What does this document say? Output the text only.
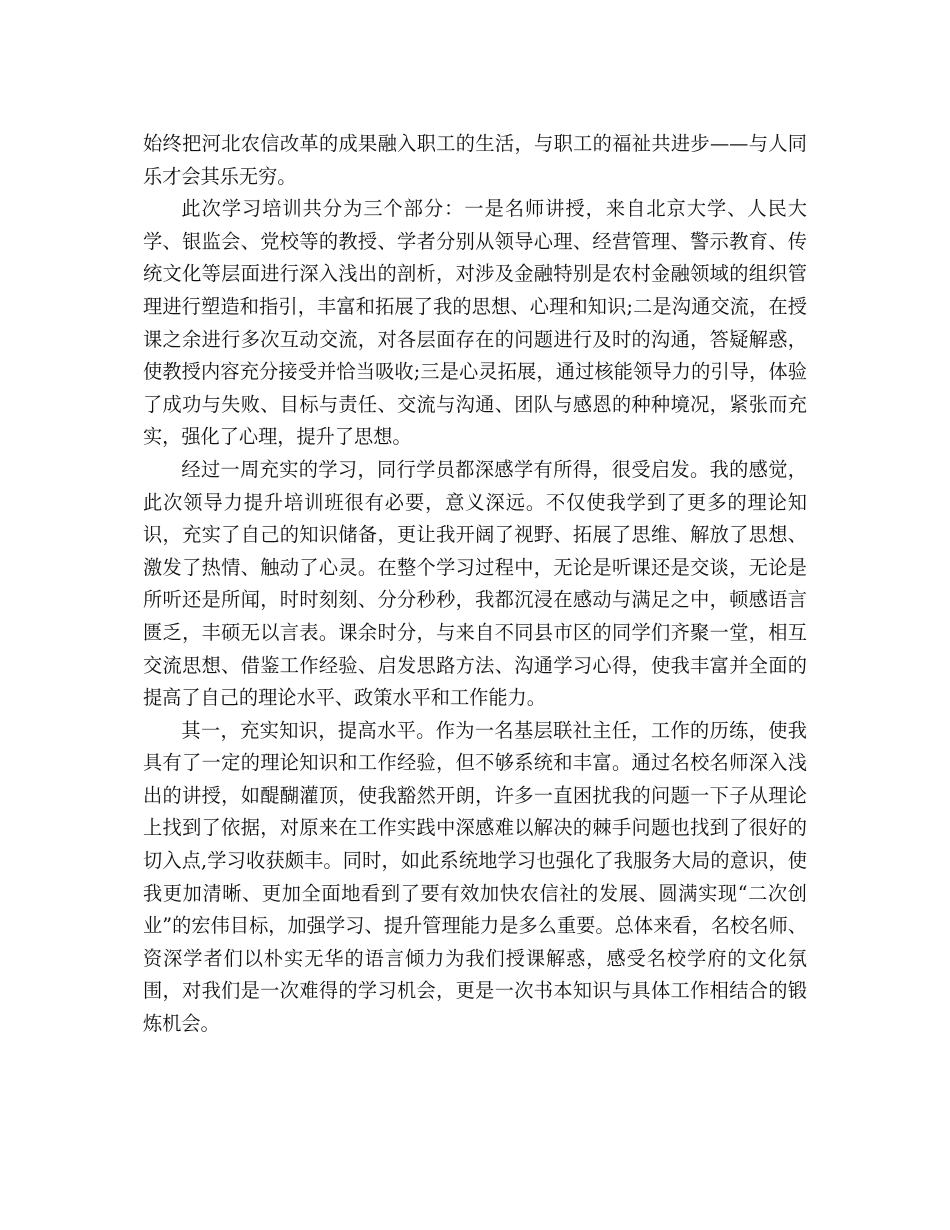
始终把河北农信改革的成果融入职工的生活，与职工的福祉共进步——与人同乐才会其乐无穷。

此次学习培训共分为三个部分：一是名师讲授，来自北京大学、人民大学、银监会、党校等的教授、学者分别从领导心理、经营管理、警示教育、传统文化等层面进行深入浅出的剖析，对涉及金融特别是农村金融领域的组织管理进行塑造和指引，丰富和拓展了我的思想、心理和知识;二是沟通交流，在授课之余进行多次互动交流，对各层面存在的问题进行及时的沟通，答疑解惑，使教授内容充分接受并恰当吸收;三是心灵拓展，通过核能领导力的引导，体验了成功与失败、目标与责任、交流与沟通、团队与感恩的种种境况，紧张而充实，强化了心理，提升了思想。

经过一周充实的学习，同行学员都深感学有所得，很受启发。我的感觉，此次领导力提升培训班很有必要，意义深远。不仅使我学到了更多的理论知识，充实了自己的知识储备，更让我开阔了视野、拓展了思维、解放了思想、激发了热情、触动了心灵。在整个学习过程中，无论是听课还是交谈，无论是所听还是所闻，时时刻刻、分分秒秒，我都沉浸在感动与满足之中，顿感语言匮乏，丰硕无以言表。课余时分，与来自不同县市区的同学们齐聚一堂，相互交流思想、借鉴工作经验、启发思路方法、沟通学习心得，使我丰富并全面的提高了自己的理论水平、政策水平和工作能力。

其一，充实知识，提高水平。作为一名基层联社主任，工作的历练，使我具有了一定的理论知识和工作经验，但不够系统和丰富。通过名校名师深入浅出的讲授，如醍醐灌顶，使我豁然开朗，许多一直困扰我的问题一下子从理论上找到了依据，对原来在工作实践中深感难以解决的棘手问题也找到了很好的切入点,学习收获颇丰。同时，如此系统地学习也强化了我服务大局的意识，使我更加清晰、更加全面地看到了要有效加快农信社的发展、圆满实现“二次创业”的宏伟目标，加强学习、提升管理能力是多么重要。总体来看，名校名师、资深学者们以朴实无华的语言倾力为我们授课解惑，感受名校学府的文化氛围，对我们是一次难得的学习机会，更是一次书本知识与具体工作相结合的锻炼机会。
